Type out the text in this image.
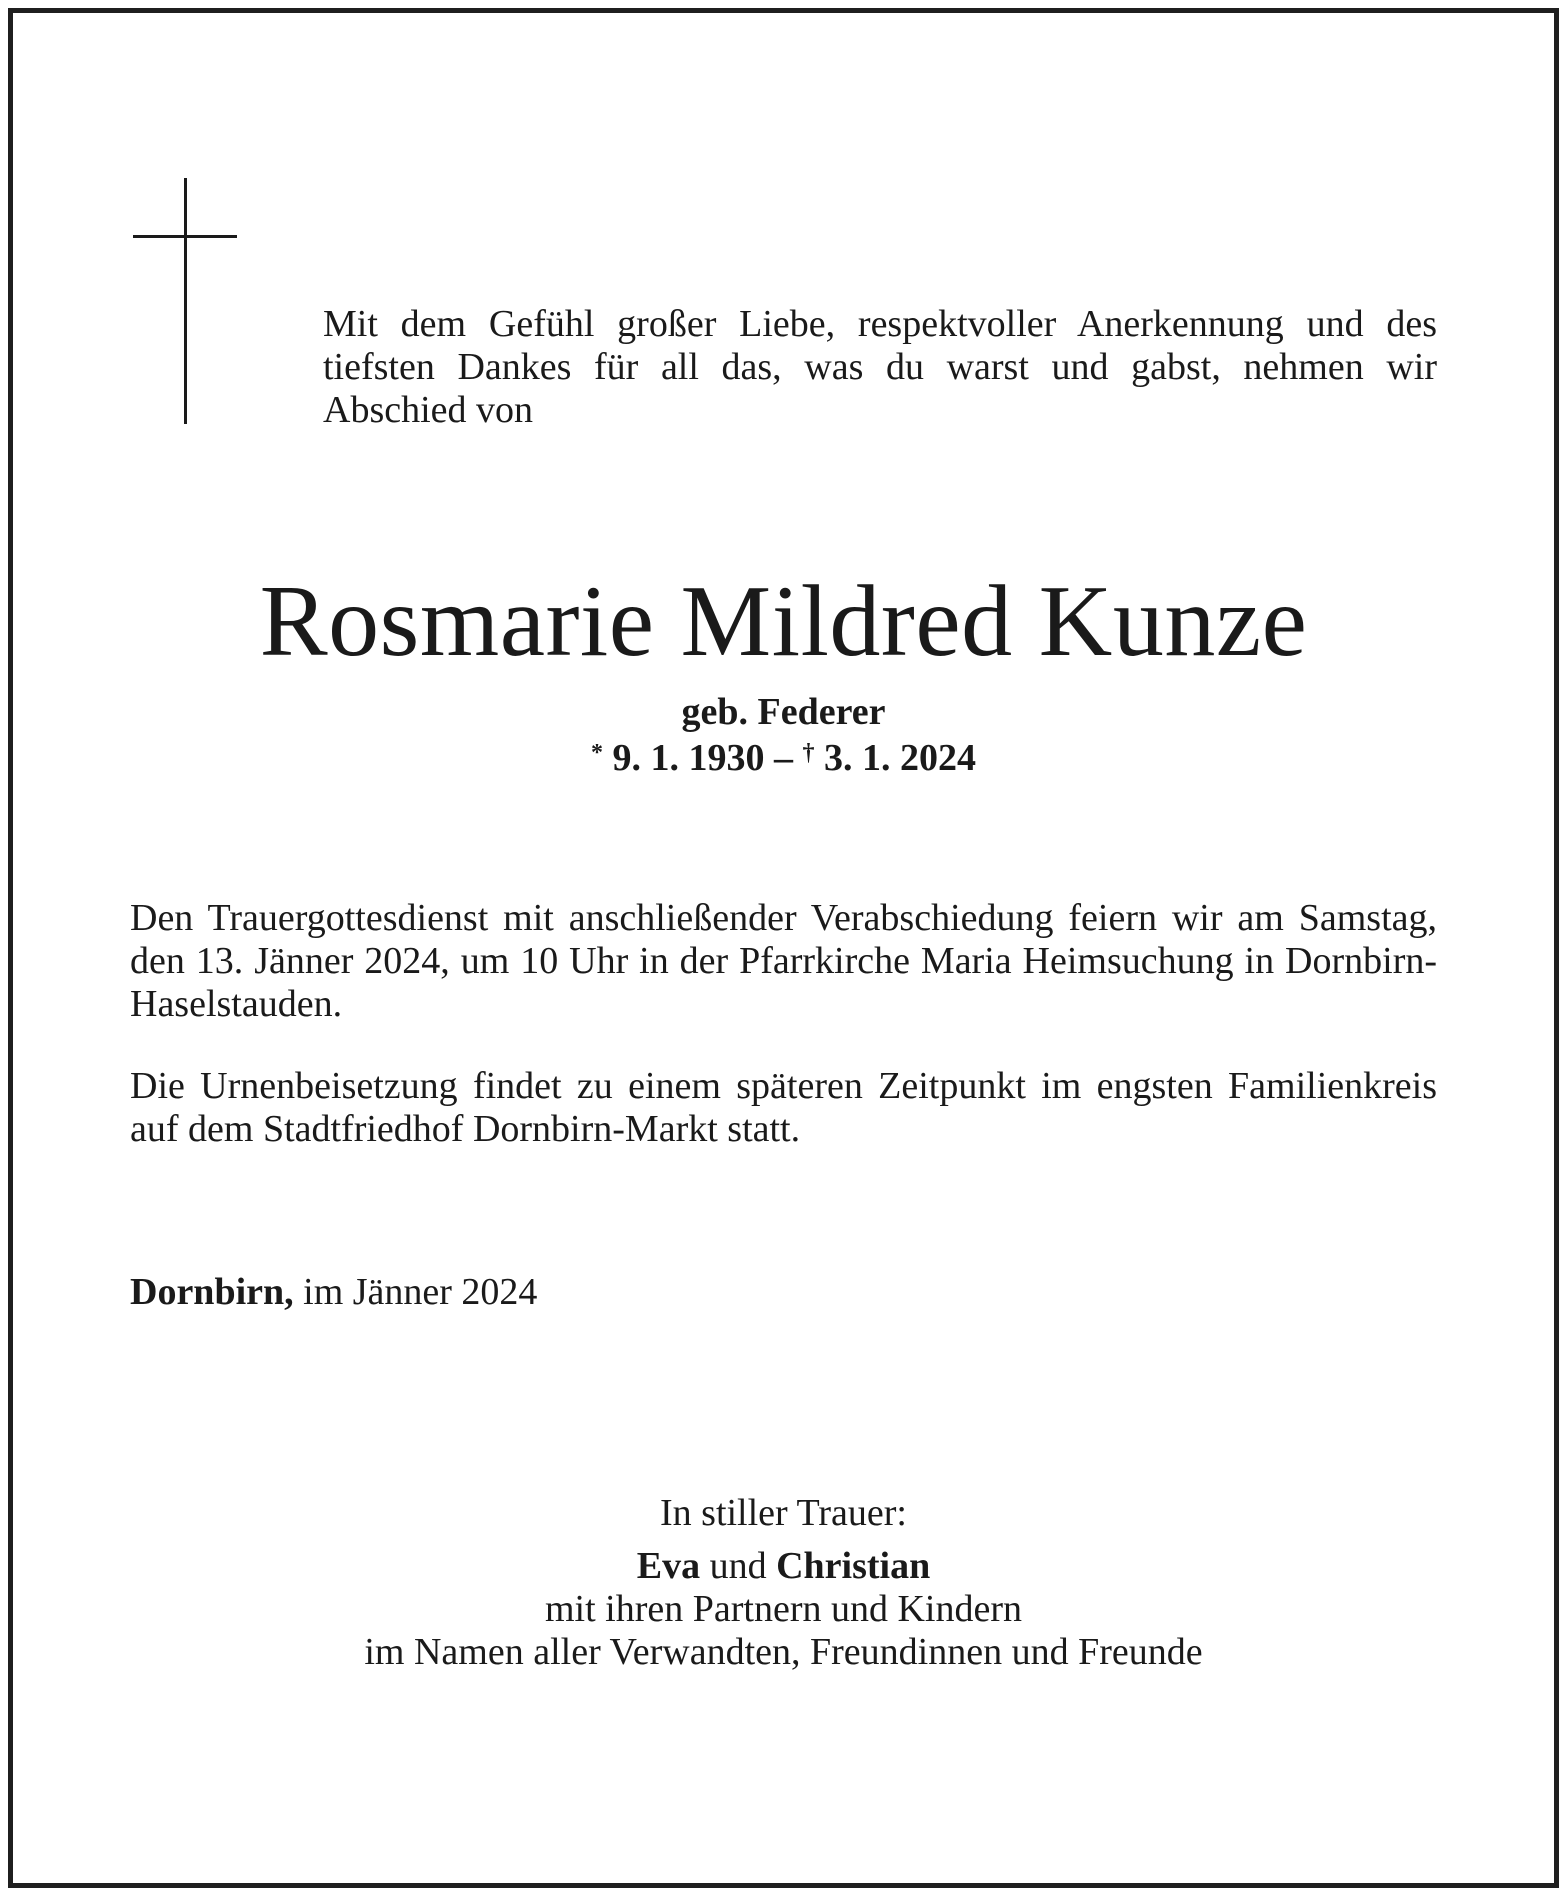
Mit dem Gefühl großer Liebe, respektvoller Anerkennung und des tiefsten Dankes für all das, was du warst und gabst, nehmen wir Abschied von
Rosmarie Mildred Kunze
geb. Federer
* 9. 1. 1930 – † 3. 1. 2024
Den Trauergottesdienst mit anschließender Verabschiedung feiern wir am Samstag, den 13. Jänner 2024, um 10 Uhr in der Pfarrkirche Maria Heimsuchung in Dornbirn-Haselstauden.
Die Urnenbeisetzung findet zu einem späteren Zeitpunkt im engsten Familienkreis auf dem Stadtfriedhof Dornbirn-Markt statt.
Dornbirn, im Jänner 2024
In stiller Trauer:
Eva und Christian
mit ihren Partnern und Kindern
im Namen aller Verwandten, Freundinnen und Freunde
